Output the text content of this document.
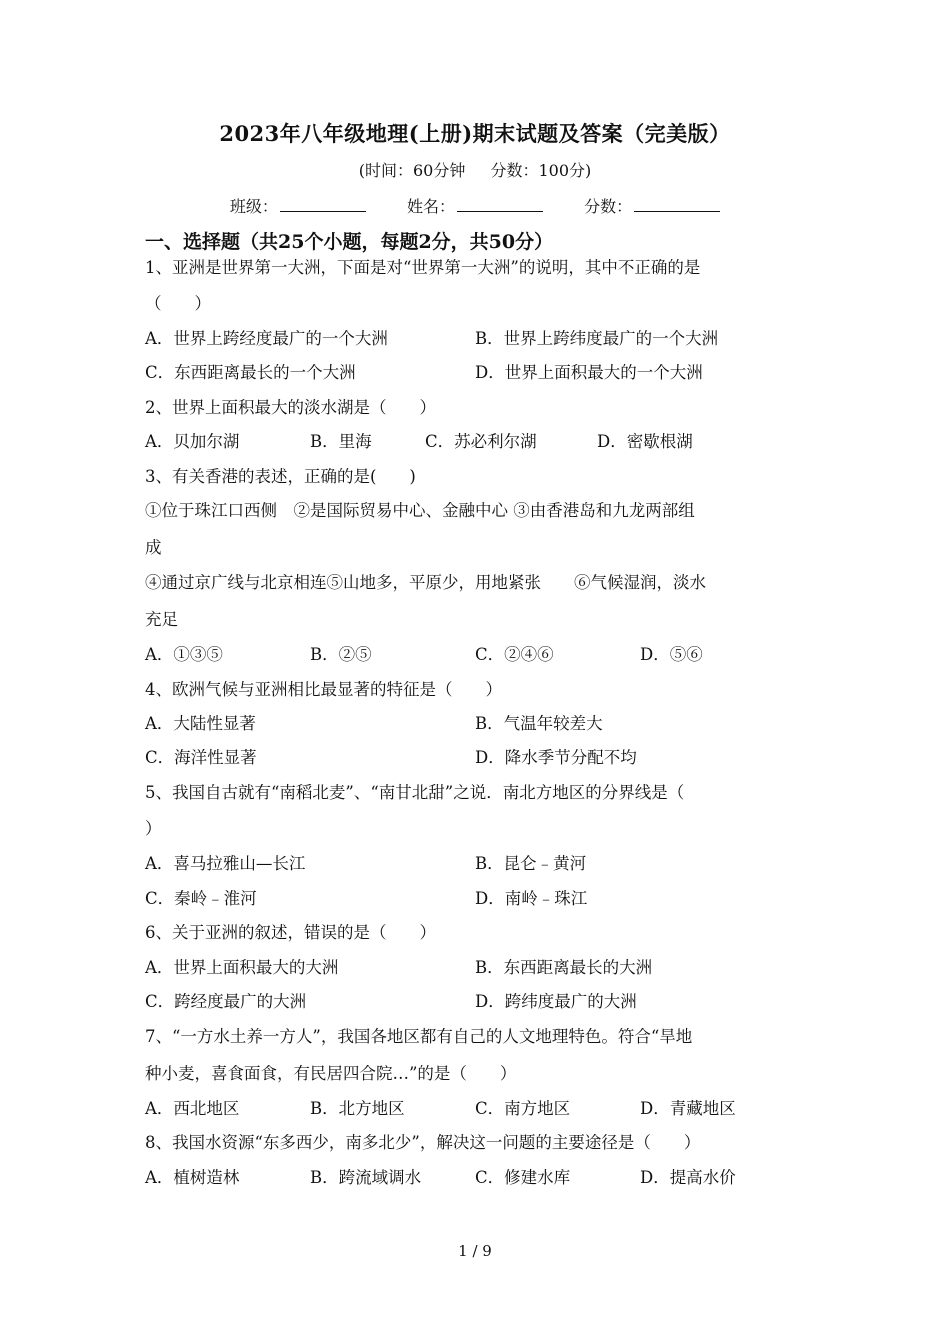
2023年八年级地理(上册)期末试题及答案（完美版）
(时间：60分钟 分数：100分)
班级：	姓名：	分数：
一、选择题（共25个小题，每题2分，共50分）
1、亚洲是世界第一大洲，下面是对“世界第一大洲”的说明，其中不正确的是
（　　）
A．世界上跨经度最广的一个大洲	B．世界上跨纬度最广的一个大洲
C．东西距离最长的一个大洲	D．世界上面积最大的一个大洲
2、世界上面积最大的淡水湖是（　　）
A．贝加尔湖	B．里海	C．苏必利尔湖	D．密歇根湖
3、有关香港的表述，正确的是(　　)
①位于珠江口西侧　②是国际贸易中心、金融中心 ③由香港岛和九龙两部组
成
④通过京广线与北京相连⑤山地多，平原少，用地紧张　　⑥气候湿润，淡水
充足
A．①③⑤	B．②⑤	C．②④⑥	D．⑤⑥
4、欧洲气候与亚洲相比最显著的特征是（　　）
A．大陆性显著	B．气温年较差大
C．海洋性显著	D．降水季节分配不均
5、我国自古就有“南稻北麦”、“南甘北甜”之说．南北方地区的分界线是（
）
A．喜马拉雅山—长江	B．昆仑﹣黄河
C．秦岭﹣淮河	D．南岭﹣珠江
6、关于亚洲的叙述，错误的是（　　）
A．世界上面积最大的大洲	B．东西距离最长的大洲
C．跨经度最广的大洲	D．跨纬度最广的大洲
7、“一方水土养一方人”，我国各地区都有自己的人文地理特色。符合“旱地
种小麦，喜食面食，有民居四合院…”的是（　　）
A．西北地区	B．北方地区	C．南方地区	D．青藏地区
8、我国水资源“东多西少，南多北少”，解决这一问题的主要途径是（　　）
A．植树造林	B．跨流域调水	C．修建水库	D．提高水价
1 / 9
